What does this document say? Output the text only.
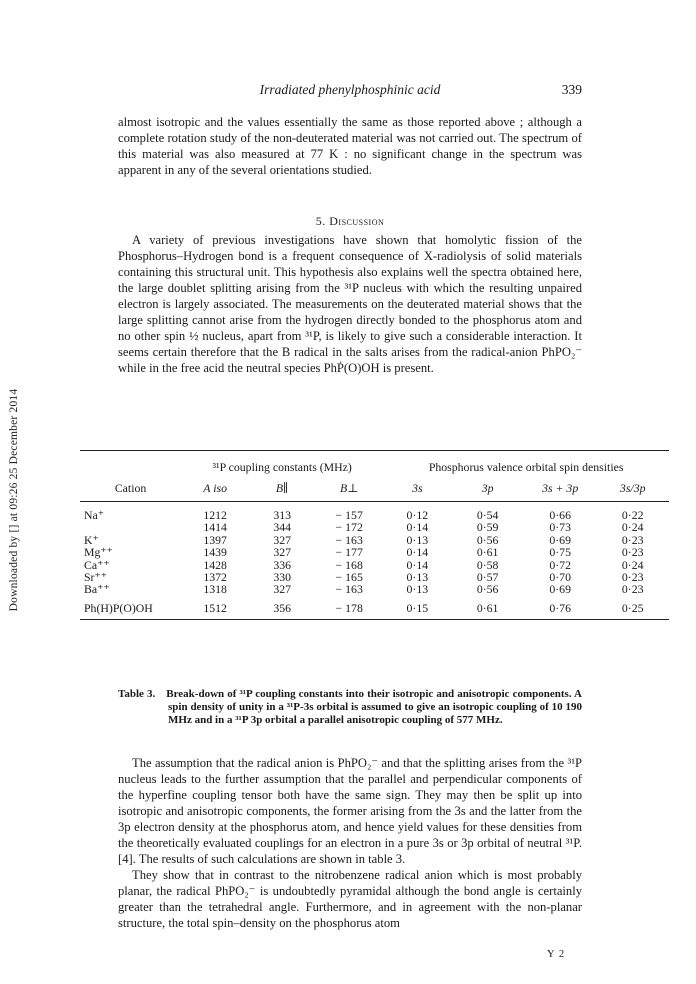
Downloaded by [] at 09:26 25 December 2014
Irradiated phenylphosphinic acid	339

almost isotropic and the values essentially the same as those reported above ; although a complete rotation study of the non-deuterated material was not carried out. The spectrum of this material was also measured at 77 K : no significant change in the spectrum was apparent in any of the several orientations studied.

5. Discussion

A variety of previous investigations have shown that homolytic fission of the Phosphorus–Hydrogen bond is a frequent consequence of X-radiolysis of solid materials containing this structural unit. This hypothesis also explains well the spectra obtained here, the large doublet splitting arising from the ³¹P nucleus with which the resulting unpaired electron is largely associated. The measurements on the deuterated material shows that the large splitting cannot arise from the hydrogen directly bonded to the phosphorus atom and no other spin ½ nucleus, apart from ³¹P, is likely to give such a considerable interaction. It seems certain therefore that the B radical in the salts arises from the radical-anion PhPO₂⁻ while in the free acid the neutral species PhṖ(O)OH is present.

	³¹P coupling constants (MHz)			Phosphorus valence orbital spin densities			
Cation	A iso	B∥	B⊥	3s	3p	3s + 3p	3s/3p
Na⁺	1212	313	− 157	0·12	0·54	0·66	0·22
	1414	344	− 172	0·14	0·59	0·73	0·24
K⁺	1397	327	− 163	0·13	0·56	0·69	0·23
Mg⁺⁺	1439	327	− 177	0·14	0·61	0·75	0·23
Ca⁺⁺	1428	336	− 168	0·14	0·58	0·72	0·24
Sr⁺⁺	1372	330	− 165	0·13	0·57	0·70	0·23
Ba⁺⁺	1318	327	− 163	0·13	0·56	0·69	0·23
Ph(H)P(O)OH	1512	356	− 178	0·15	0·61	0·76	0·25
Table 3. Break-down of ³¹P coupling constants into their isotropic and anisotropic components. A spin density of unity in a ³¹P-3s orbital is assumed to give an isotropic coupling of 10 190 MHz and in a ³¹P 3p orbital a parallel anisotropic coupling of 577 MHz.

The assumption that the radical anion is PhPO₂⁻ and that the splitting arises from the ³¹P nucleus leads to the further assumption that the parallel and perpendicular components of the hyperfine coupling tensor both have the same sign. They may then be split up into isotropic and anisotropic components, the former arising from the 3s and the latter from the 3p electron density at the phosphorus atom, and hence yield values for these densities from the theoretically evaluated couplings for an electron in a pure 3s or 3p orbital of neutral ³¹P.[4]. The results of such calculations are shown in table 3.

They show that in contrast to the nitrobenzene radical anion which is most probably planar, the radical PhPO₂⁻ is undoubtedly pyramidal although the bond angle is certainly greater than the tetrahedral angle. Furthermore, and in agreement with the non-planar structure, the total spin–density on the phosphorus atom

Y 2
